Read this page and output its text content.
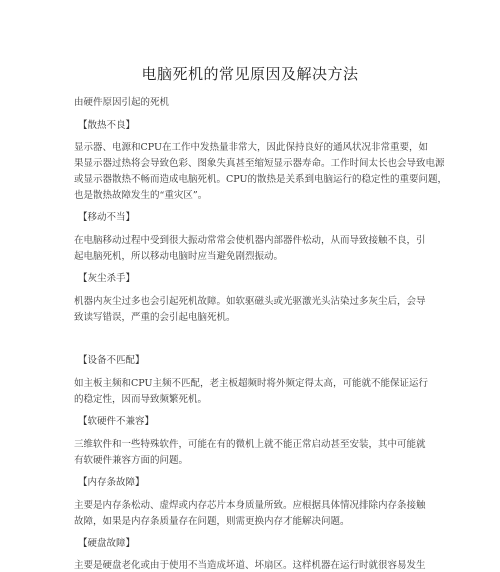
电脑死机的常见原因及解决方法
由硬件原因引起的死机
【散热不良】
显示器、电源和CPU在工作中发热量非常大，因此保持良好的通风状况非常重要，如
果显示器过热将会导致色彩、图象失真甚至缩短显示器寿命。工作时间太长也会导致电源
或显示器散热不畅而造成电脑死机。CPU的散热是关系到电脑运行的稳定性的重要问题，
也是散热故障发生的“重灾区”。
【移动不当】
在电脑移动过程中受到很大振动常常会使机器内部器件松动，从而导致接触不良，引
起电脑死机，所以移动电脑时应当避免剧烈振动。
【灰尘杀手】
机器内灰尘过多也会引起死机故障。如软驱磁头或光驱激光头沾染过多灰尘后，会导
致读写错误，严重的会引起电脑死机。
【设备不匹配】
如主板主频和CPU主频不匹配，老主板超频时将外频定得太高，可能就不能保证运行
的稳定性，因而导致频繁死机。
【软硬件不兼容】
三维软件和一些特殊软件，可能在有的微机上就不能正常启动甚至安装，其中可能就
有软硬件兼容方面的问题。
【内存条故障】
主要是内存条松动、虚焊或内存芯片本身质量所致。应根据具体情况排除内存条接触
故障，如果是内存条质量存在问题，则需更换内存才能解决问题。
【硬盘故障】
主要是硬盘老化或由于使用不当造成坏道、坏扇区。这样机器在运行时就很容易发生
